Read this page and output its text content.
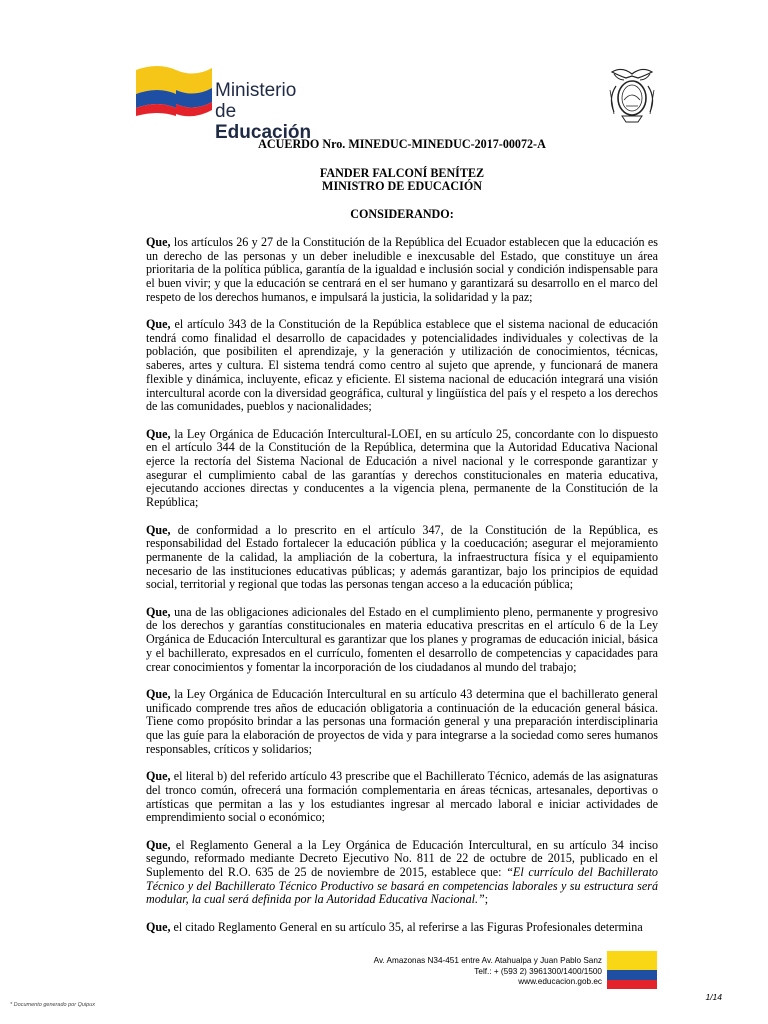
Ministerio
de Educación
ACUERDO Nro. MINEDUC-MINEDUC-2017-00072-A
FANDER FALCONÍ BENÍTEZ
MINISTRO DE EDUCACIÓN
CONSIDERANDO:

Que, los artículos 26 y 27 de la Constitución de la República del Ecuador establecen que la educación es un derecho de las personas y un deber ineludible e inexcusable del Estado, que constituye un área prioritaria de la política pública, garantía de la igualdad e inclusión social y condición indispensable para el buen vivir; y que la educación se centrará en el ser humano y garantizará su desarrollo en el marco del respeto de los derechos humanos, e impulsará la justicia, la solidaridad y la paz;

Que, el artículo 343 de la Constitución de la República establece que el sistema nacional de educación tendrá como finalidad el desarrollo de capacidades y potencialidades individuales y colectivas de la población, que posibiliten el aprendizaje, y la generación y utilización de conocimientos, técnicas, saberes, artes y cultura. El sistema tendrá como centro al sujeto que aprende, y funcionará de manera flexible y dinámica, incluyente, eficaz y eficiente. El sistema nacional de educación integrará una visión intercultural acorde con la diversidad geográfica, cultural y lingüística del país y el respeto a los derechos de las comunidades, pueblos y nacionalidades;

Que, la Ley Orgánica de Educación Intercultural-LOEI, en su artículo 25, concordante con lo dispuesto en el artículo 344 de la Constitución de la República, determina que la Autoridad Educativa Nacional ejerce la rectoría del Sistema Nacional de Educación a nivel nacional y le corresponde garantizar y asegurar el cumplimiento cabal de las garantías y derechos constitucionales en materia educativa, ejecutando acciones directas y conducentes a la vigencia plena, permanente de la Constitución de la República;

Que, de conformidad a lo prescrito en el artículo 347, de la Constitución de la República, es responsabilidad del Estado fortalecer la educación pública y la coeducación; asegurar el mejoramiento permanente de la calidad, la ampliación de la cobertura, la infraestructura física y el equipamiento necesario de las instituciones educativas públicas; y además garantizar, bajo los principios de equidad social, territorial y regional que todas las personas tengan acceso a la educación pública;

Que, una de las obligaciones adicionales del Estado en el cumplimiento pleno, permanente y progresivo de los derechos y garantías constitucionales en materia educativa prescritas en el artículo 6 de la Ley Orgánica de Educación Intercultural es garantizar que los planes y programas de educación inicial, básica y el bachillerato, expresados en el currículo, fomenten el desarrollo de competencias y capacidades para crear conocimientos y fomentar la incorporación de los ciudadanos al mundo del trabajo;

Que, la Ley Orgánica de Educación Intercultural en su artículo 43 determina que el bachillerato general unificado comprende tres años de educación obligatoria a continuación de la educación general básica. Tiene como propósito brindar a las personas una formación general y una preparación interdisciplinaria que las guíe para la elaboración de proyectos de vida y para integrarse a la sociedad como seres humanos responsables, críticos y solidarios;

Que, el literal b) del referido artículo 43 prescribe que el Bachillerato Técnico, además de las asignaturas del tronco común, ofrecerá una formación complementaria en áreas técnicas, artesanales, deportivas o artísticas que permitan a las y los estudiantes ingresar al mercado laboral e iniciar actividades de emprendimiento social o económico;

Que, el Reglamento General a la Ley Orgánica de Educación Intercultural, en su artículo 34 inciso segundo, reformado mediante Decreto Ejecutivo No. 811 de 22 de octubre de 2015, publicado en el Suplemento del R.O. 635 de 25 de noviembre de 2015, establece que: “El currículo del Bachillerato Técnico y del Bachillerato Técnico Productivo se basará en competencias laborales y su estructura será modular, la cual será definida por la Autoridad Educativa Nacional.”;

Que, el citado Reglamento General en su artículo 35, al referirse a las Figuras Profesionales determina

Av. Amazonas N34-451 entre Av. Atahualpa y Juan Pablo Sanz
Telf.: + (593 2) 3961300/1400/1500
www.educacion.gob.ec
1/14
* Documento generado por Quipux
